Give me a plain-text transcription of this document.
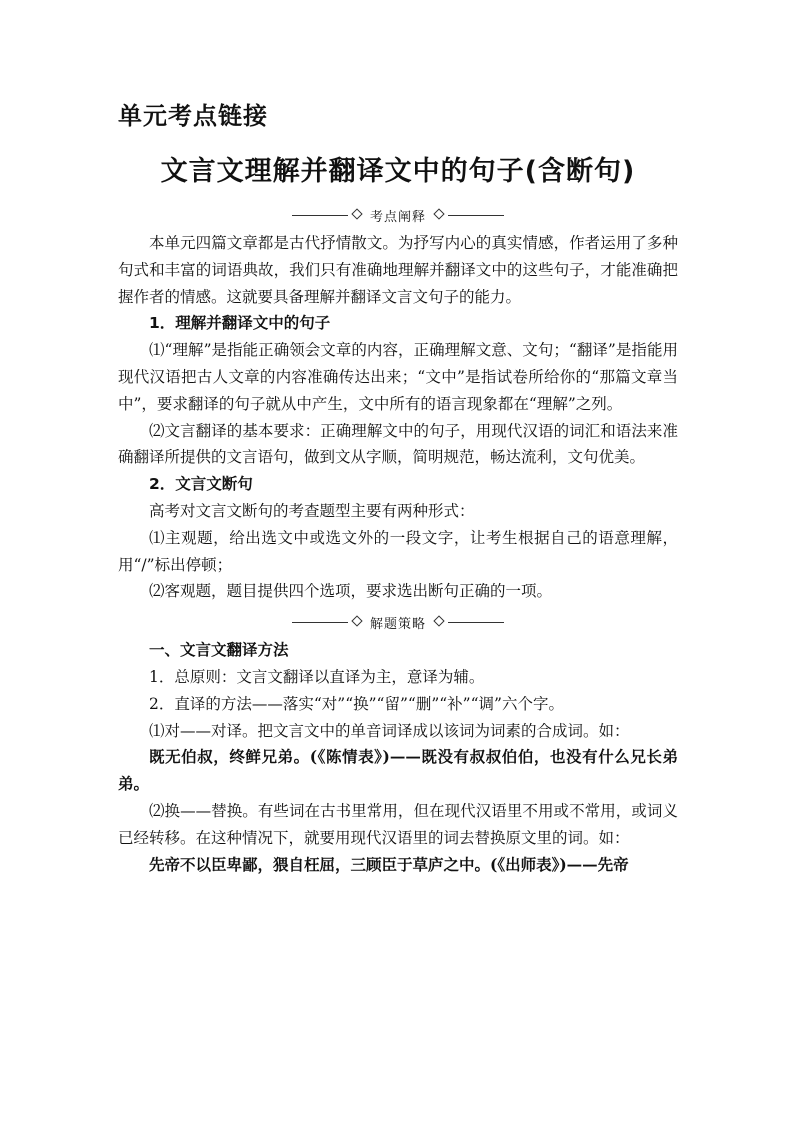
单元考点链接
文言文理解并翻译文中的句子(含断句)
考点阐释

本单元四篇文章都是古代抒情散文。为抒写内心的真实情感，作者运用了多种句式和丰富的词语典故，我们只有准确地理解并翻译文中的这些句子，才能准确把握作者的情感。这就要具备理解并翻译文言文句子的能力。

1．理解并翻译文中的句子

⑴“理解”是指能正确领会文章的内容，正确理解文意、文句；“翻译”是指能用现代汉语把古人文章的内容准确传达出来；“文中”是指试卷所给你的“那篇文章当中”，要求翻译的句子就从中产生，文中所有的语言现象都在“理解”之列。

⑵文言翻译的基本要求：正确理解文中的句子，用现代汉语的词汇和语法来准确翻译所提供的文言语句，做到文从字顺，简明规范，畅达流利，文句优美。

2．文言文断句

高考对文言文断句的考查题型主要有两种形式：

⑴主观题，给出选文中或选文外的一段文字，让考生根据自己的语意理解，用“/”标出停顿；

⑵客观题，题目提供四个选项，要求选出断句正确的一项。

解题策略

一、文言文翻译方法

1．总原则：文言文翻译以直译为主，意译为辅。

2．直译的方法——落实“对”“换”“留”“删”“补”“调”六个字。

⑴对——对译。把文言文中的单音词译成以该词为词素的合成词。如：

既无伯叔，终鲜兄弟。(《陈情表》)——既没有叔叔伯伯，也没有什么兄长弟弟。

⑵换——替换。有些词在古书里常用，但在现代汉语里不用或不常用，或词义已经转移。在这种情况下，就要用现代汉语里的词去替换原文里的词。如：

先帝不以臣卑鄙，猥自枉屈，三顾臣于草庐之中。(《出师表》)——先帝
